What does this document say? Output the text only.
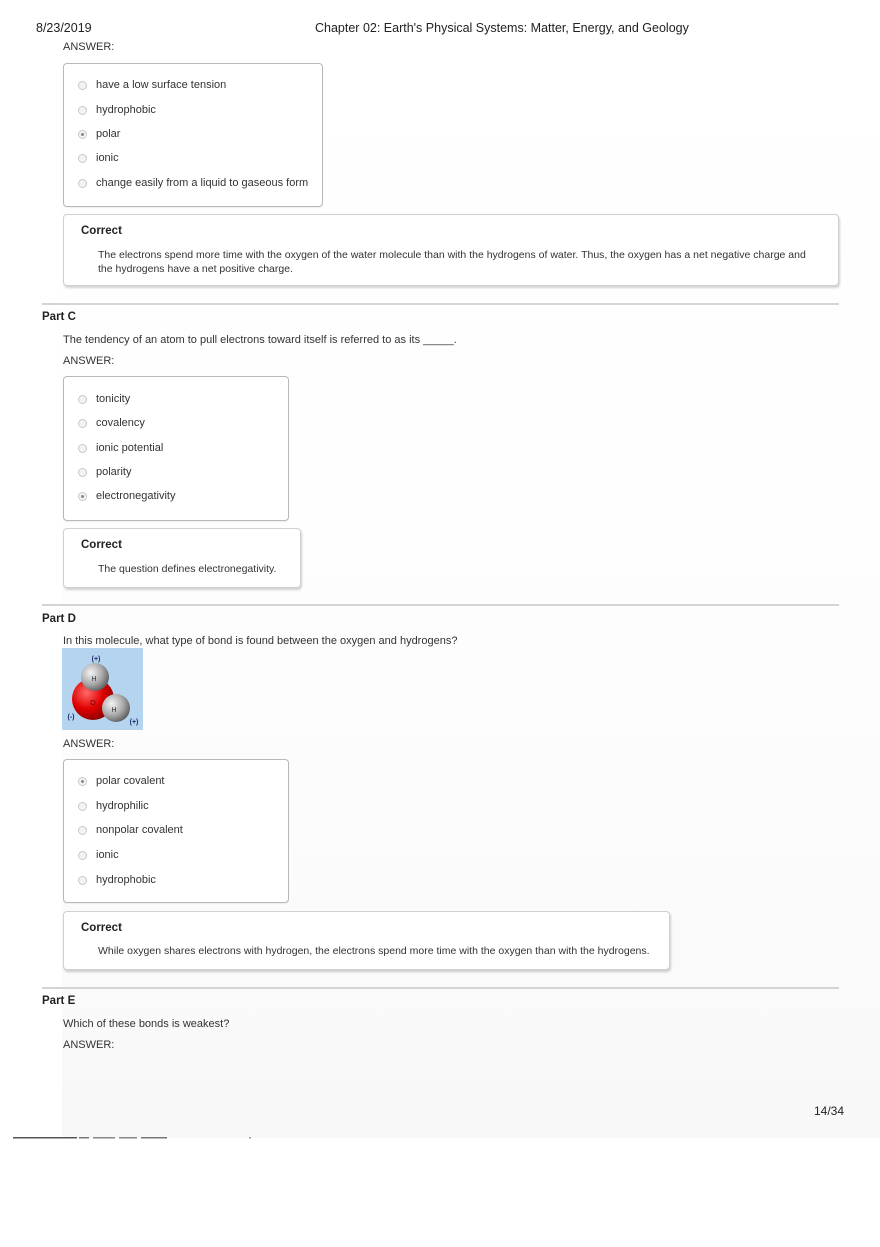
8/23/2019	Chapter 02: Earth's Physical Systems: Matter, Energy, and Geology
ANSWER:
have a low surface tension
hydrophobic
polar
ionic
change easily from a liquid to gaseous form
Correct
The electrons spend more time with the oxygen of the water molecule than with the hydrogens of water. Thus, the oxygen has a net negative charge and
the hydrogens have a net positive charge.
Part C
The tendency of an atom to pull electrons toward itself is referred to as its _____.
ANSWER:
tonicity
covalency
ionic potential
polarity
electronegativity
Correct
The question defines electronegativity.
Part D
In this molecule, what type of bond is found between the oxygen and hydrogens?
(+)
H
O
H
(-)
(+)
ANSWER:
polar covalent
hydrophilic
nonpolar covalent
ionic
hydrophobic
Correct
While oxygen shares electrons with hydrogen, the electrons spend more time with the oxygen than with the hydrogens.
Part E
Which of these bonds is weakest?
ANSWER:
14/34
